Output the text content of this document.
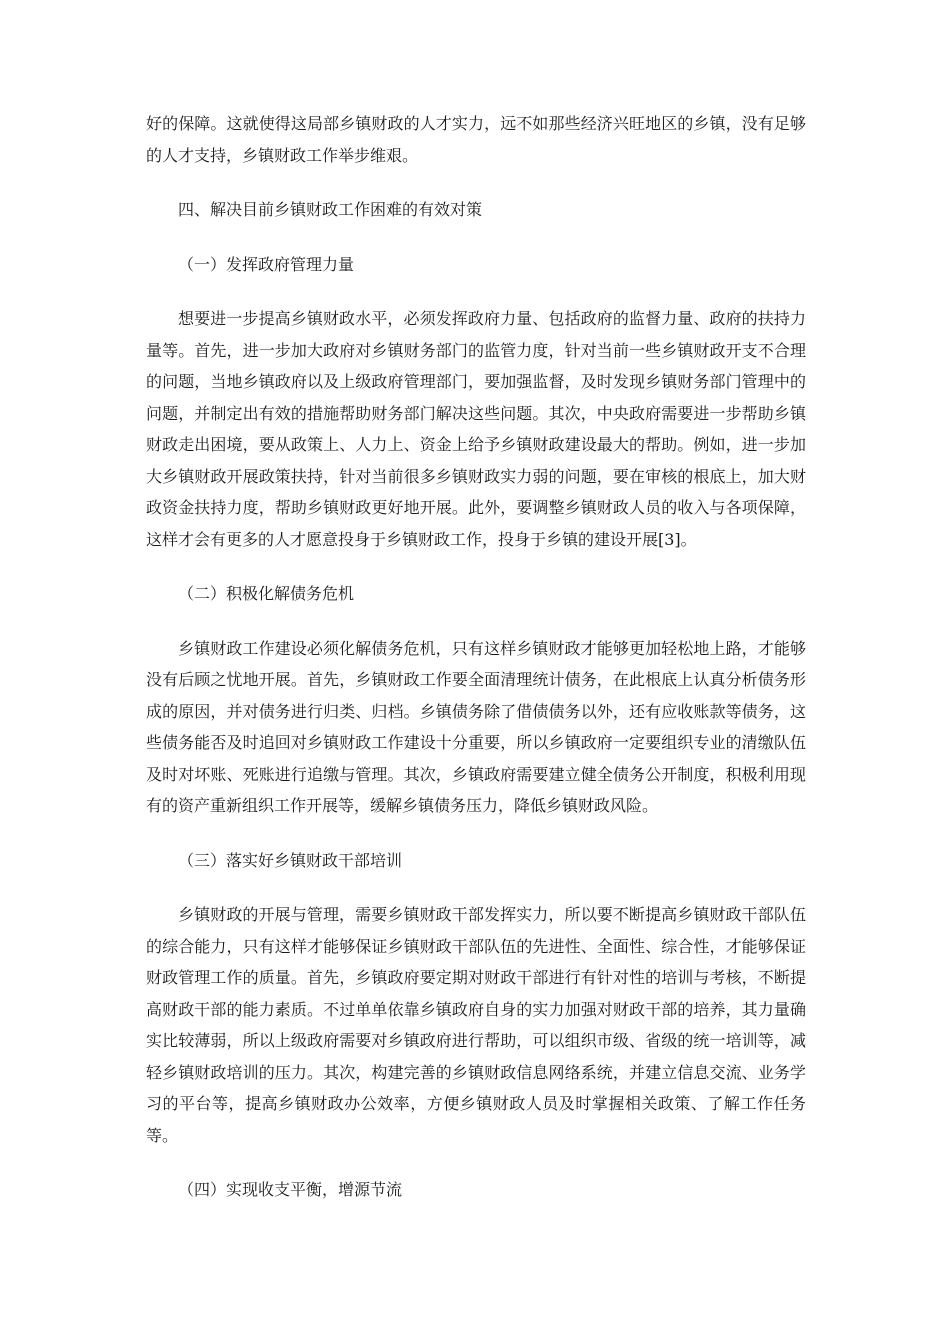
好的保障。这就使得这局部乡镇财政的人才实力，远不如那些经济兴旺地区的乡镇，没有足够的人才支持，乡镇财政工作举步维艰。

四、解决目前乡镇财政工作困难的有效对策

（一）发挥政府管理力量

想要进一步提高乡镇财政水平，必须发挥政府力量、包括政府的监督力量、政府的扶持力量等。首先，进一步加大政府对乡镇财务部门的监管力度，针对当前一些乡镇财政开支不合理的问题，当地乡镇政府以及上级政府管理部门，要加强监督，及时发现乡镇财务部门管理中的问题，并制定出有效的措施帮助财务部门解决这些问题。其次，中央政府需要进一步帮助乡镇财政走出困境，要从政策上、人力上、资金上给予乡镇财政建设最大的帮助。例如，进一步加大乡镇财政开展政策扶持，针对当前很多乡镇财政实力弱的问题，要在审核的根底上，加大财政资金扶持力度，帮助乡镇财政更好地开展。此外，要调整乡镇财政人员的收入与各项保障，这样才会有更多的人才愿意投身于乡镇财政工作，投身于乡镇的建设开展[3]。

（二）积极化解债务危机

乡镇财政工作建设必须化解债务危机，只有这样乡镇财政才能够更加轻松地上路，才能够没有后顾之忧地开展。首先，乡镇财政工作要全面清理统计债务，在此根底上认真分析债务形成的原因，并对债务进行归类、归档。乡镇债务除了借债债务以外，还有应收账款等债务，这些债务能否及时追回对乡镇财政工作建设十分重要，所以乡镇政府一定要组织专业的清缴队伍及时对坏账、死账进行追缴与管理。其次，乡镇政府需要建立健全债务公开制度，积极利用现有的资产重新组织工作开展等，缓解乡镇债务压力，降低乡镇财政风险。

（三）落实好乡镇财政干部培训

乡镇财政的开展与管理，需要乡镇财政干部发挥实力，所以要不断提高乡镇财政干部队伍的综合能力，只有这样才能够保证乡镇财政干部队伍的先进性、全面性、综合性，才能够保证财政管理工作的质量。首先，乡镇政府要定期对财政干部进行有针对性的培训与考核，不断提高财政干部的能力素质。不过单单依靠乡镇政府自身的实力加强对财政干部的培养，其力量确实比较薄弱，所以上级政府需要对乡镇政府进行帮助，可以组织市级、省级的统一培训等，减轻乡镇财政培训的压力。其次，构建完善的乡镇财政信息网络系统，并建立信息交流、业务学习的平台等，提高乡镇财政办公效率，方便乡镇财政人员及时掌握相关政策、了解工作任务等。

（四）实现收支平衡，增源节流
